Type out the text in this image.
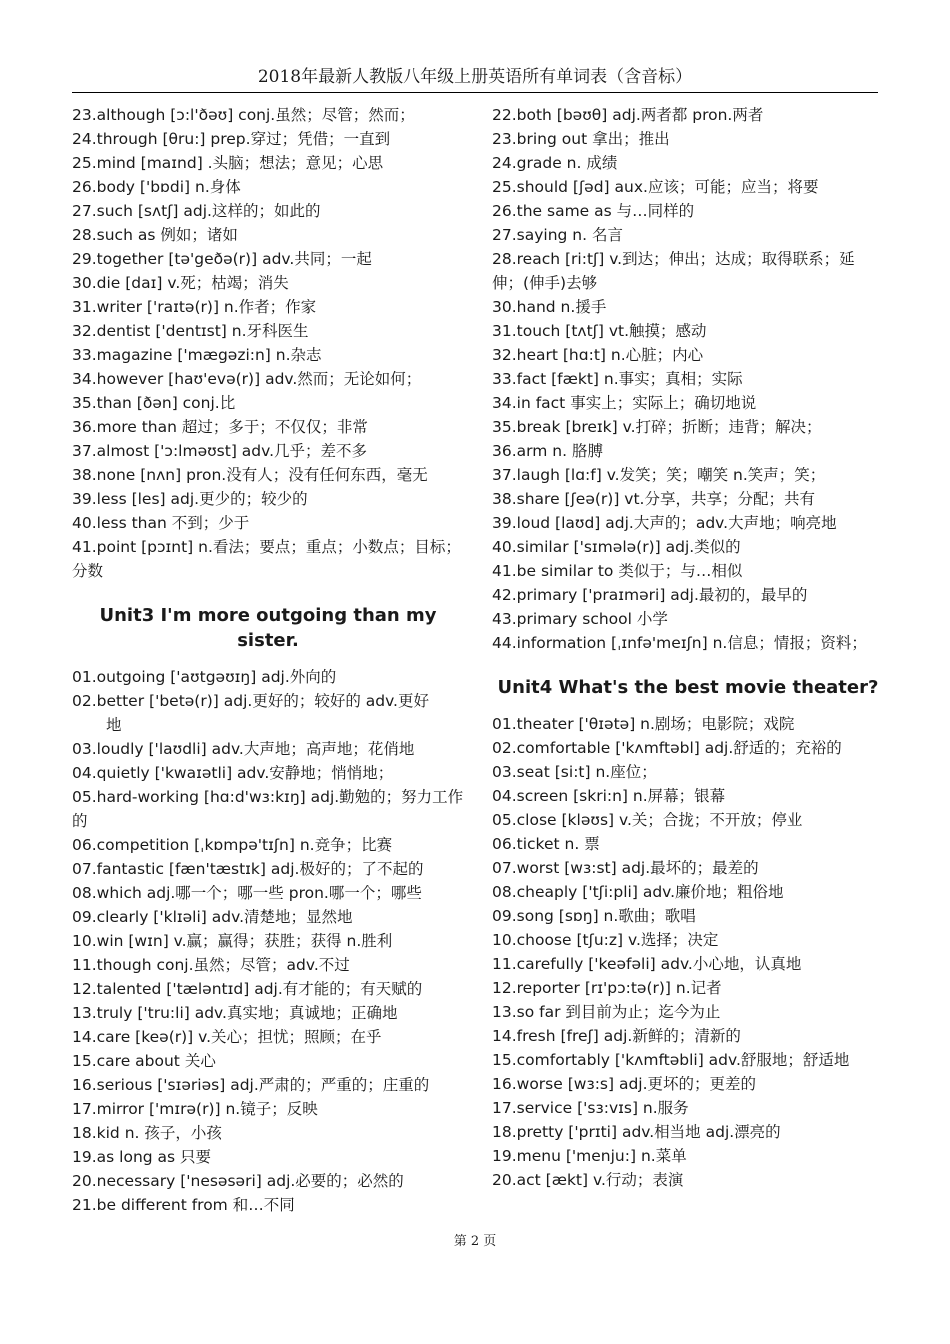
2018年最新人教版八年级上册英语所有单词表（含音标）
23.although [ɔ:l'ðəʊ] conj.虽然；尽管；然而；
24.through [θru:] prep.穿过；凭借；一直到
25.mind [maɪnd] .头脑；想法；意见；心思
26.body ['bɒdi] n.身体
27.such [sʌtʃ] adj.这样的；如此的
28.such as 例如；诸如
29.together [tə'geðə(r)] adv.共同；一起
30.die [daɪ] v.死；枯竭；消失
31.writer ['raɪtə(r)] n.作者；作家
32.dentist ['dentɪst] n.牙科医生
33.magazine ['mægəzi:n] n.杂志
34.however [haʊ'evə(r)] adv.然而；无论如何；
35.than [ðən] conj.比
36.more than 超过；多于；不仅仅；非常
37.almost ['ɔ:lməʊst] adv.几乎；差不多
38.none [nʌn] pron.没有人；没有任何东西，毫无
39.less [les] adj.更少的；较少的
40.less than 不到；少于
41.point [pɔɪnt] n.看法；要点；重点；小数点；目标；分数
Unit3 I'm more outgoing than my sister.
01.outgoing ['aʊtgəʊɪŋ] adj.外向的
02.better ['betə(r)] adj.更好的；较好的 adv.更好
地
03.loudly ['laʊdli] adv.大声地；高声地；花俏地
04.quietly ['kwaɪətli] adv.安静地；悄悄地；
05.hard-working [hɑ:d'wɜ:kɪŋ] adj.勤勉的；努力工作的
06.competition [ˌkɒmpə'tɪʃn] n.竞争；比赛
07.fantastic [fæn'tæstɪk] adj.极好的；了不起的
08.which adj.哪一个；哪一些 pron.哪一个；哪些
09.clearly ['klɪəli] adv.清楚地；显然地
10.win [wɪn] v.赢；赢得；获胜；获得 n.胜利
11.though conj.虽然；尽管；adv.不过
12.talented ['tæləntɪd] adj.有才能的；有天赋的
13.truly ['tru:li] adv.真实地；真诚地；正确地
14.care [keə(r)] v.关心；担忧；照顾；在乎
15.care about 关心
16.serious ['sɪəriəs] adj.严肃的；严重的；庄重的
17.mirror ['mɪrə(r)] n.镜子；反映
18.kid n. 孩子，小孩
19.as long as 只要
20.necessary ['nesəsəri] adj.必要的；必然的
21.be different from 和…不同
22.both [bəʊθ] adj.两者都 pron.两者
23.bring out 拿出；推出
24.grade n. 成绩
25.should [ʃəd] aux.应该；可能；应当；将要
26.the same as 与…同样的
27.saying n. 名言
28.reach [ri:tʃ] v.到达；伸出；达成；取得联系；延伸；(伸手)去够
30.hand n.援手
31.touch [tʌtʃ] vt.触摸；感动
32.heart [hɑ:t] n.心脏；内心
33.fact [fækt] n.事实；真相；实际
34.in fact 事实上；实际上；确切地说
35.break [breɪk] v.打碎；折断；违背；解决；
36.arm n. 胳膊
37.laugh [lɑ:f] v.发笑；笑；嘲笑 n.笑声；笑；
38.share [ʃeə(r)] vt.分享，共享；分配；共有
39.loud [laʊd] adj.大声的；adv.大声地；响亮地
40.similar ['sɪmələ(r)] adj.类似的
41.be similar to 类似于；与…相似
42.primary ['praɪməri] adj.最初的，最早的
43.primary school 小学
44.information [ˌɪnfə'meɪʃn] n.信息；情报；资料；
Unit4 What's the best movie theater?
01.theater ['θɪətə] n.剧场；电影院；戏院
02.comfortable ['kʌmftəbl] adj.舒适的；充裕的
03.seat [si:t] n.座位；
04.screen [skri:n] n.屏幕；银幕
05.close [kləʊs] v.关；合拢；不开放；停业
06.ticket n. 票
07.worst [wɜ:st] adj.最坏的；最差的
08.cheaply ['tʃi:pli] adv.廉价地；粗俗地
09.song [sɒŋ] n.歌曲；歌唱
10.choose [tʃu:z] v.选择；决定
11.carefully ['keəfəli] adv.小心地，认真地
12.reporter [rɪ'pɔ:tə(r)] n.记者
13.so far 到目前为止；迄今为止
14.fresh [freʃ] adj.新鲜的；清新的
15.comfortably ['kʌmftəbli] adv.舒服地；舒适地
16.worse [wɜ:s] adj.更坏的；更差的
17.service ['sɜ:vɪs] n.服务
18.pretty ['prɪti] adv.相当地 adj.漂亮的
19.menu ['menju:] n.菜单
20.act [ækt] v.行动；表演
第 2 页
